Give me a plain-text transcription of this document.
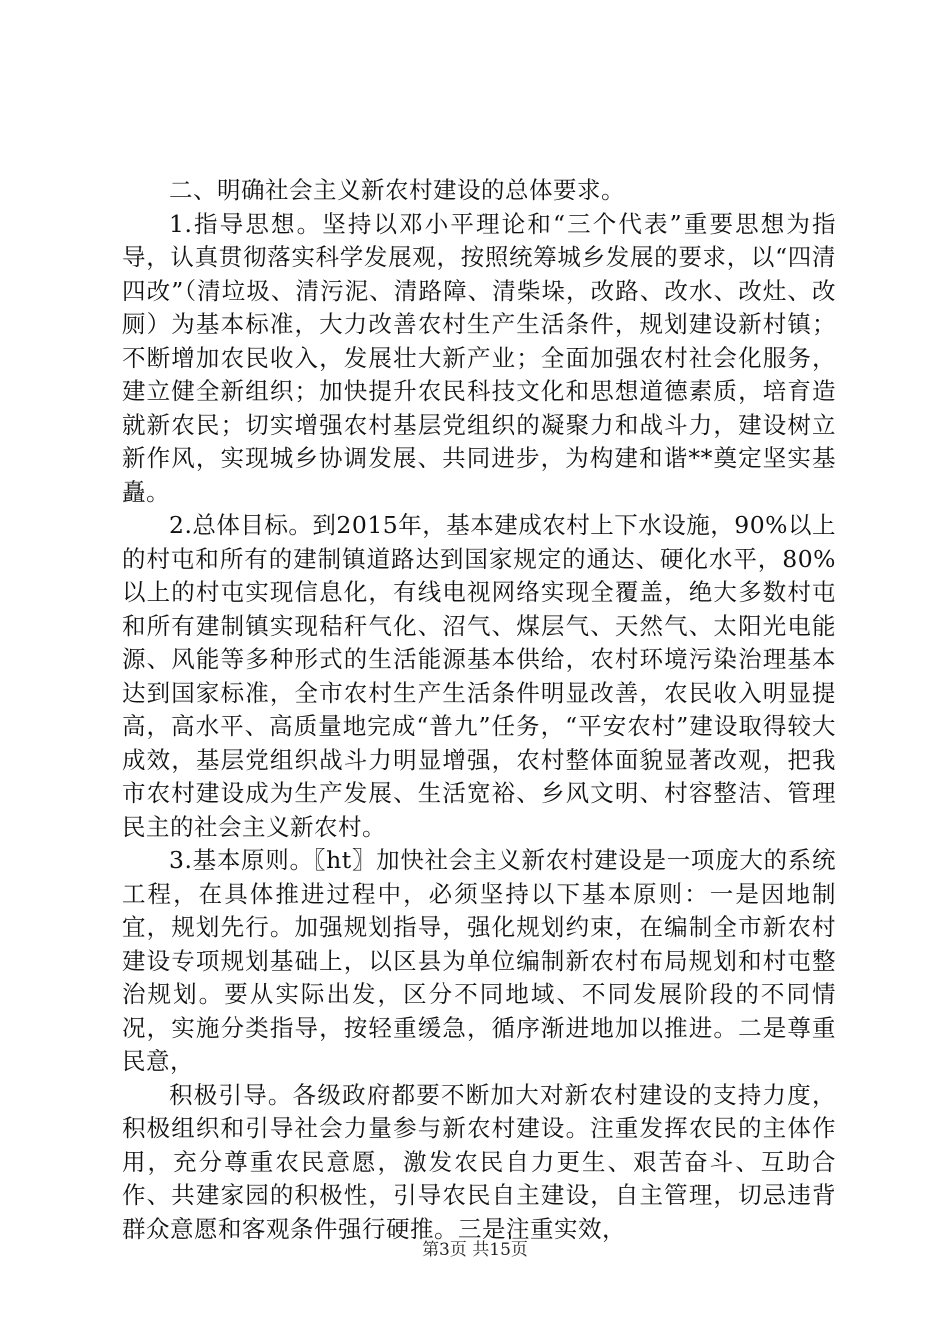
二、明确社会主义新农村建设的总体要求。

1.指导思想。坚持以邓小平理论和“三个代表”重要思想为指导，认真贯彻落实科学发展观，按照统筹城乡发展的要求，以“四清四改”（清垃圾、清污泥、清路障、清柴垛，改路、改水、改灶、改厕）为基本标准，大力改善农村生产生活条件，规划建设新村镇；不断增加农民收入，发展壮大新产业；全面加强农村社会化服务，建立健全新组织；加快提升农民科技文化和思想道德素质，培育造就新农民；切实增强农村基层党组织的凝聚力和战斗力，建设树立新作风，实现城乡协调发展、共同进步，为构建和谐**奠定坚实基矗。

2.总体目标。到2015年，基本建成农村上下水设施，90%以上的村屯和所有的建制镇道路达到国家规定的通达、硬化水平，80%以上的村屯实现信息化，有线电视网络实现全覆盖，绝大多数村屯和所有建制镇实现秸秆气化、沼气、煤层气、天然气、太阳光电能源、风能等多种形式的生活能源基本供给，农村环境污染治理基本达到国家标准，全市农村生产生活条件明显改善，农民收入明显提高，高水平、高质量地完成“普九”任务，“平安农村”建设取得较大成效，基层党组织战斗力明显增强，农村整体面貌显著改观，把我市农村建设成为生产发展、生活宽裕、乡风文明、村容整洁、管理民主的社会主义新农村。

3.基本原则。〖ht〗加快社会主义新农村建设是一项庞大的系统工程，在具体推进过程中，必须坚持以下基本原则：一是因地制宜，规划先行。加强规划指导，强化规划约束，在编制全市新农村建设专项规划基础上，以区县为单位编制新农村布局规划和村屯整治规划。要从实际出发，区分不同地域、不同发展阶段的不同情况，实施分类指导，按轻重缓急，循序渐进地加以推进。二是尊重民意，

积极引导。各级政府都要不断加大对新农村建设的支持力度，积极组织和引导社会力量参与新农村建设。注重发挥农民的主体作用，充分尊重农民意愿，激发农民自力更生、艰苦奋斗、互助合作、共建家园的积极性，引导农民自主建设，自主管理，切忌违背群众意愿和客观条件强行硬推。三是注重实效，

第3页 共15页
